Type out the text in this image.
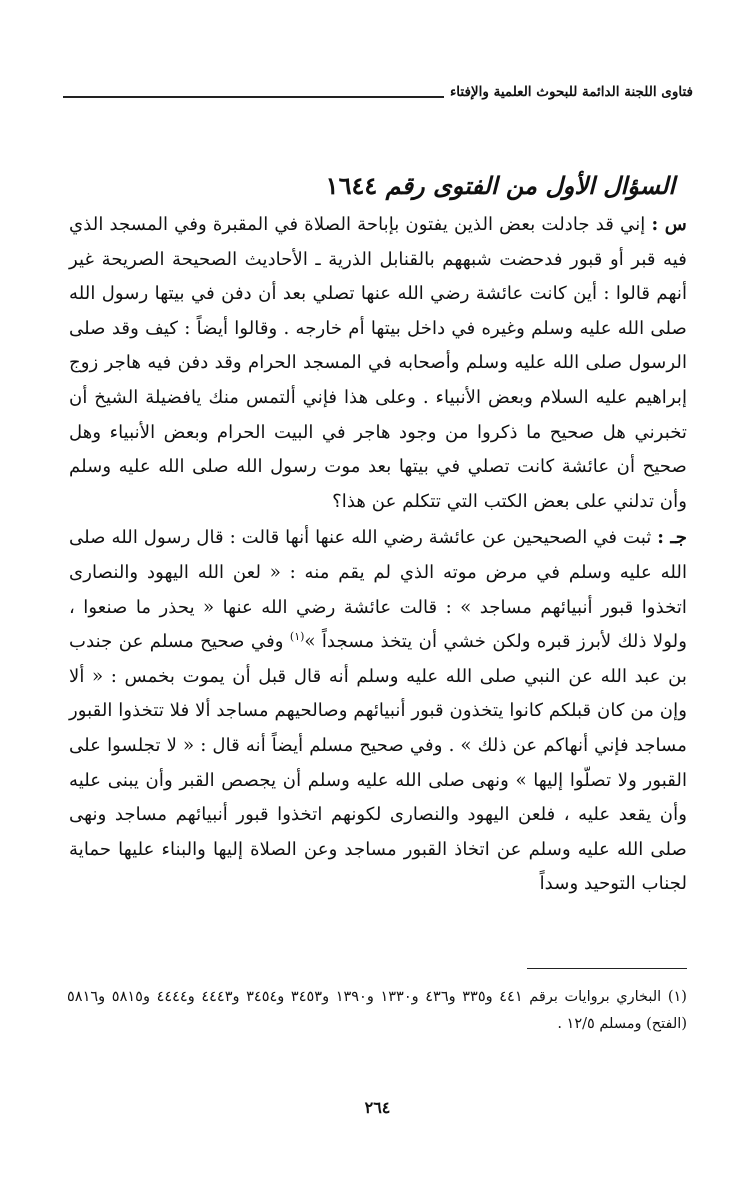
فتاوى اللجنة الدائمة للبحوث العلمية والإفتاء
السؤال الأول من الفتوى رقم ١٦٤٤

س : إني قد جادلت بعض الذين يفتون بإباحة الصلاة في المقبرة وفي المسجد الذي فيه قبر أو قبور فدحضت شبههم بالقنابل الذرية ـ الأحاديث الصحيحة الصريحة غير أنهم قالوا : أين كانت عائشة رضي الله عنها تصلي بعد أن دفن في بيتها رسول الله صلى الله عليه وسلم وغيره في داخل بيتها أم خارجه . وقالوا أيضاً : كيف وقد صلى الرسول صلى الله عليه وسلم وأصحابه في المسجد الحرام وقد دفن فيه هاجر زوج إبراهيم عليه السلام وبعض الأنبياء . وعلى هذا فإني ألتمس منك يافضيلة الشيخ أن تخبرني هل صحيح ما ذكروا من وجود هاجر في البيت الحرام وبعض الأنبياء وهل صحيح أن عائشة كانت تصلي في بيتها بعد موت رسول الله صلى الله عليه وسلم وأن تدلني على بعض الكتب التي تتكلم عن هذا؟

جـ : ثبت في الصحيحين عن عائشة رضي الله عنها أنها قالت : قال رسول الله صلى الله عليه وسلم في مرض موته الذي لم يقم منه : « لعن الله اليهود والنصارى اتخذوا قبور أنبيائهم مساجد » : قالت عائشة رضي الله عنها « يحذر ما صنعوا ، ولولا ذلك لأبرز قبره ولكن خشي أن يتخذ مسجداً »$^{(١)}$ وفي صحيح مسلم عن جندب بن عبد الله عن النبي صلى الله عليه وسلم أنه قال قبل أن يموت بخمس : « ألا وإن من كان قبلكم كانوا يتخذون قبور أنبيائهم وصالحيهم مساجد ألا فلا تتخذوا القبور مساجد فإني أنهاكم عن ذلك » . وفي صحيح مسلم أيضاً أنه قال : « لا تجلسوا على القبور ولا تصلّوا إليها » ونهى صلى الله عليه وسلم أن يجصص القبر وأن يبنى عليه وأن يقعد عليه ، فلعن اليهود والنصارى لكونهم اتخذوا قبور أنبيائهم مساجد ونهى صلى الله عليه وسلم عن اتخاذ القبور مساجد وعن الصلاة إليها والبناء عليها حماية لجناب التوحيد وسداً

(١) البخاري بروايات برقم ٤٤١ و٣٣٥ و٤٣٦ و١٣٣٠ و١٣٩٠ و٣٤٥٣ و٣٤٥٤ و٤٤٤٣ و٤٤٤٤ و٥٨١٥ و٥٨١٦ (الفتح) ومسلم ١٢/٥ .
٢٦٤
